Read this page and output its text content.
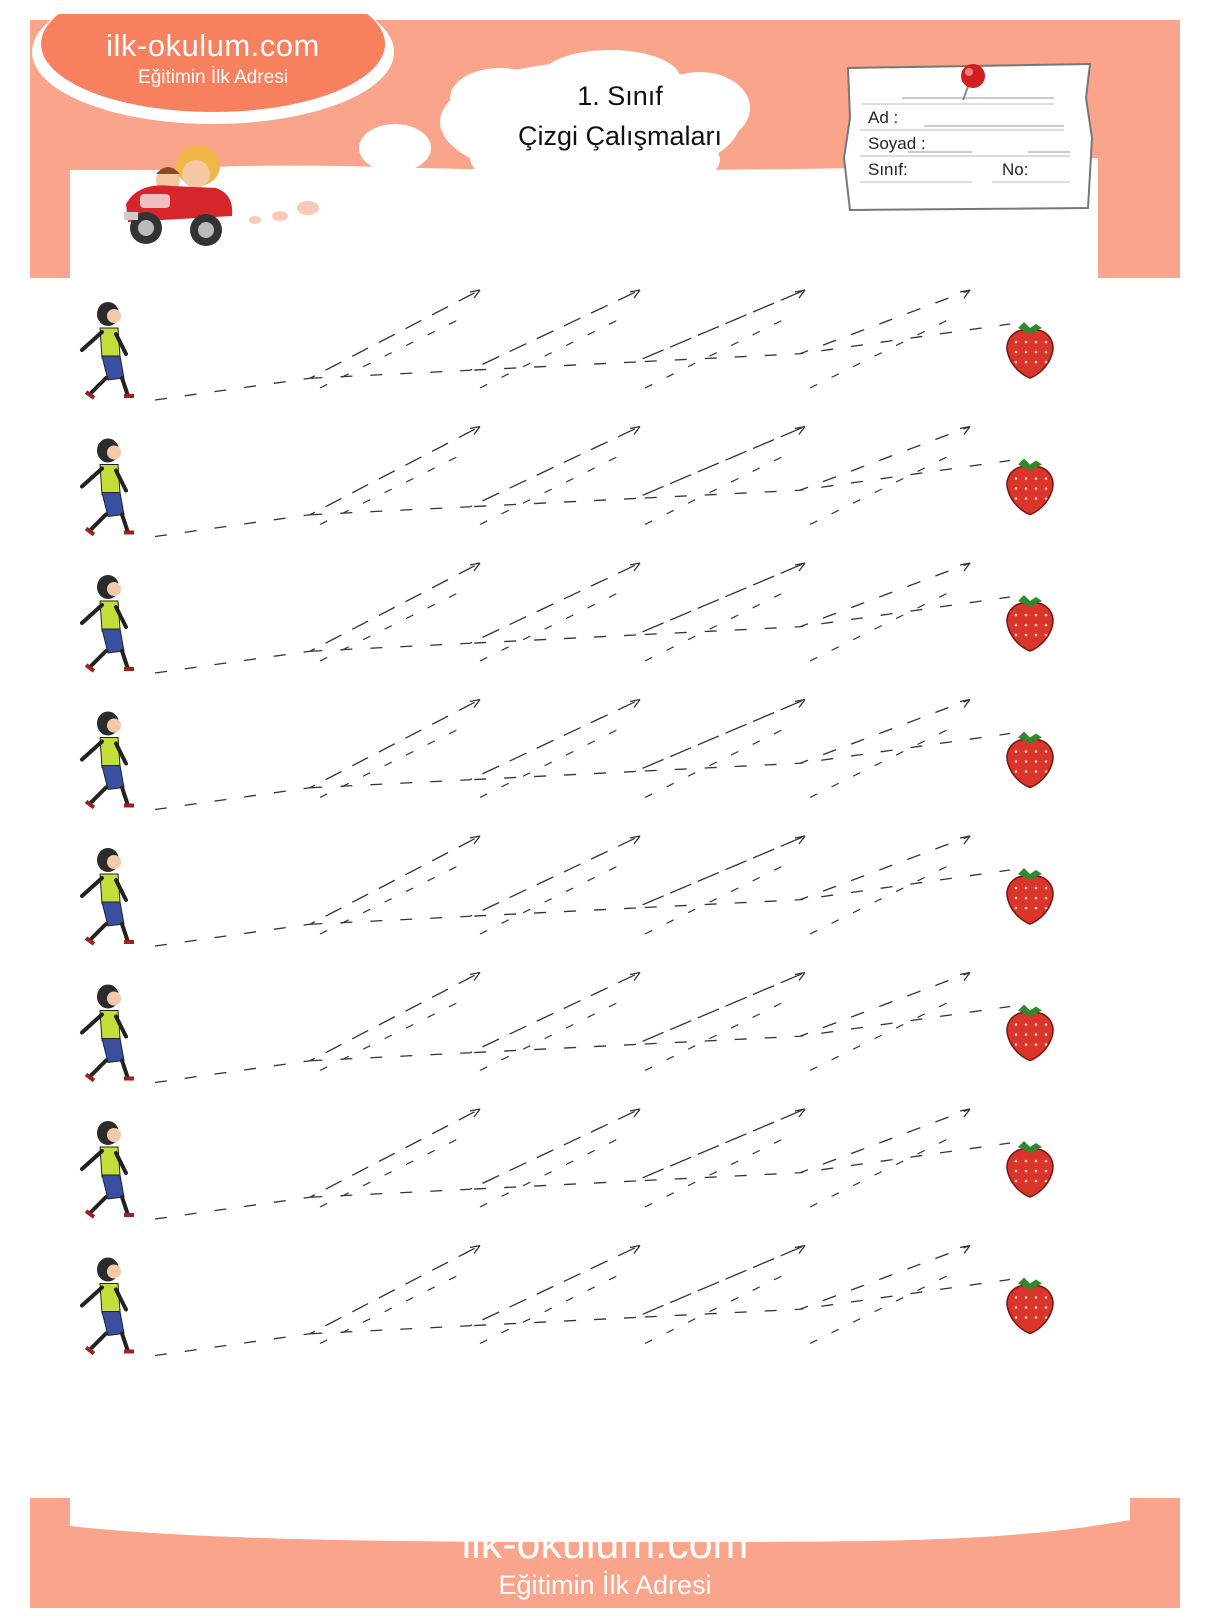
ilk-okulum.com
Eğitimin İlk Adresi
1. Sınıf
Çizgi Çalışmaları
Ad :
Soyad :
Sınıf:	No:
ilk-okulum.com
Eğitimin İlk Adresi
